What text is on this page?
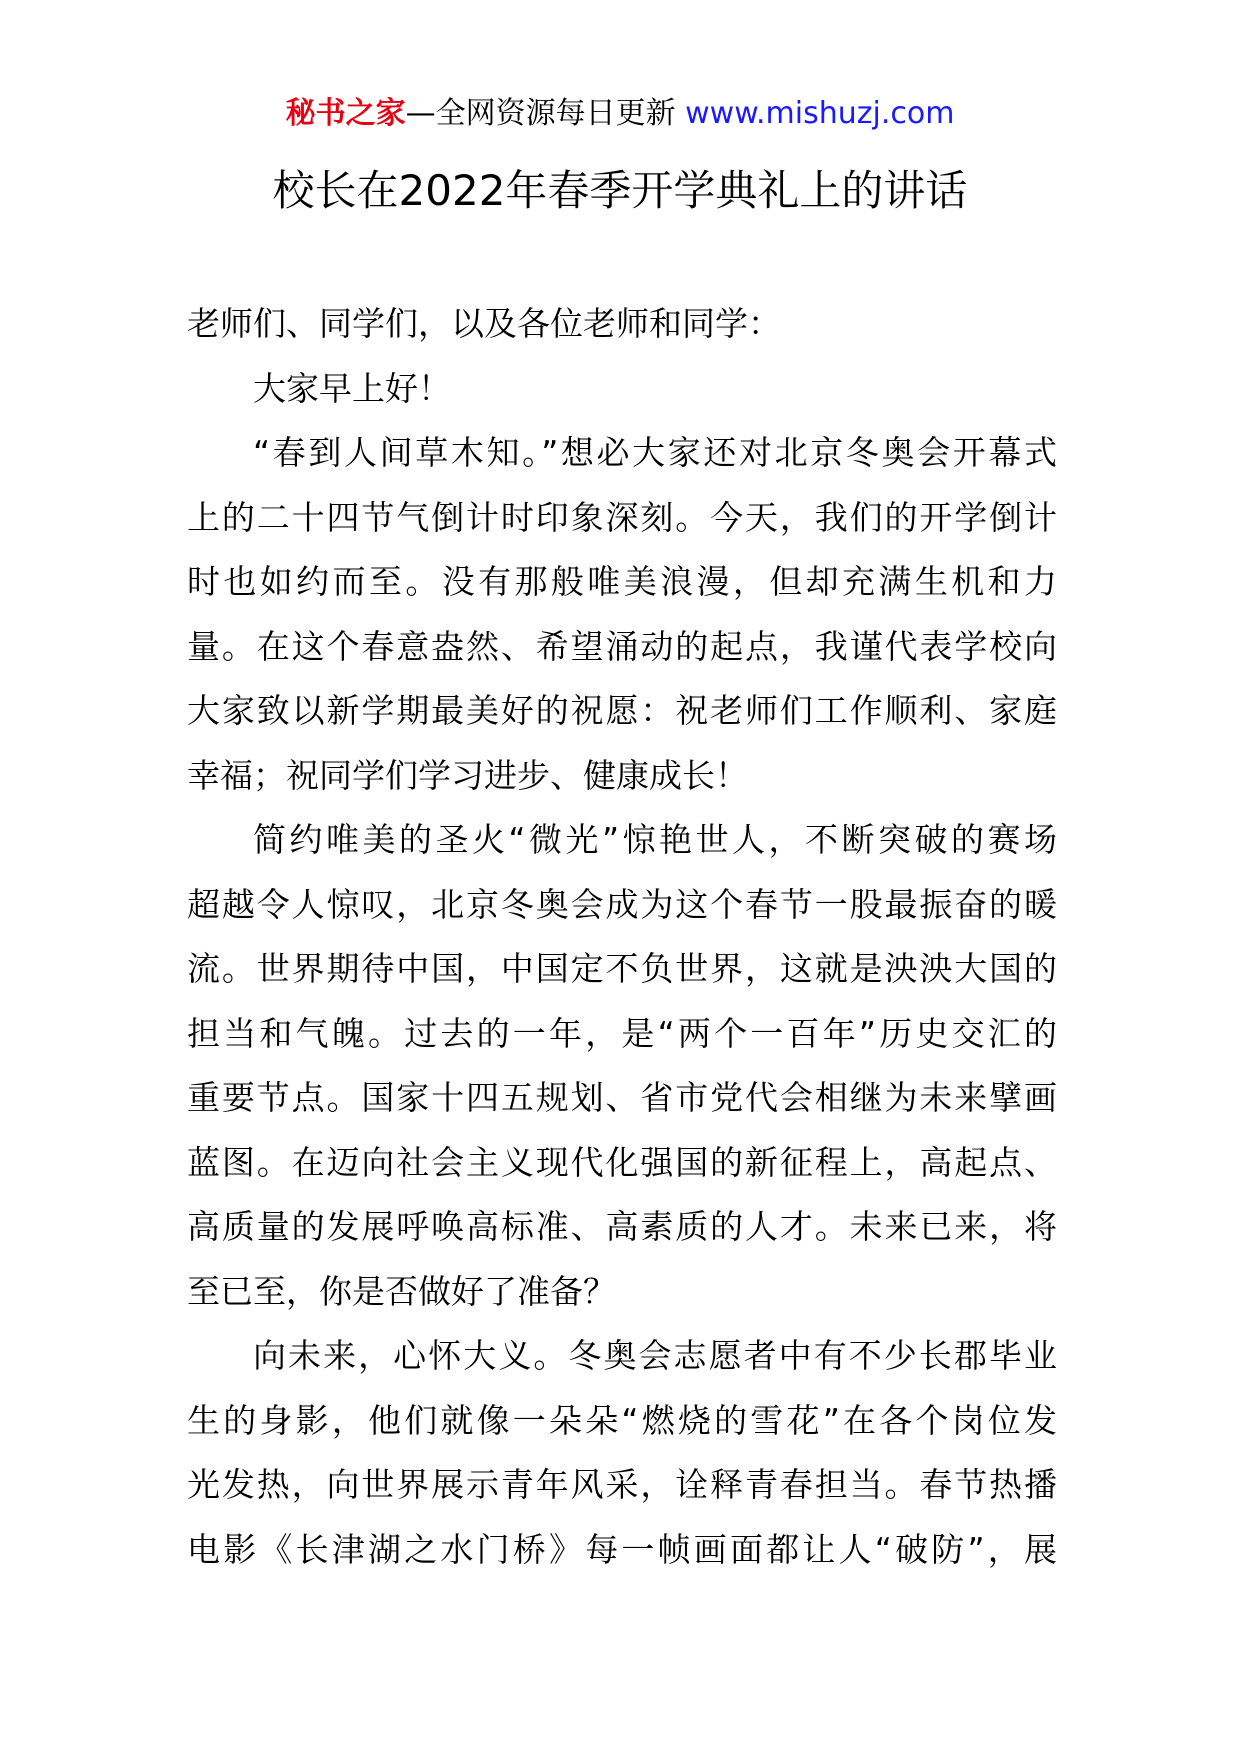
秘书之家—全网资源每日更新 www.mishuzj.com
校长在2022年春季开学典礼上的讲话
老师们、同学们，以及各位老师和同学：
大家早上好！
“春到人间草木知。”想必大家还对北京冬奥会开幕式
上的二十四节气倒计时印象深刻。今天，我们的开学倒计
时也如约而至。没有那般唯美浪漫，但却充满生机和力
量。在这个春意盎然、希望涌动的起点，我谨代表学校向
大家致以新学期最美好的祝愿：祝老师们工作顺利、家庭
幸福；祝同学们学习进步、健康成长！
简约唯美的圣火“微光”惊艳世人，不断突破的赛场
超越令人惊叹，北京冬奥会成为这个春节一股最振奋的暖
流。世界期待中国，中国定不负世界，这就是泱泱大国的
担当和气魄。过去的一年，是“两个一百年”历史交汇的
重要节点。国家十四五规划、省市党代会相继为未来擘画
蓝图。在迈向社会主义现代化强国的新征程上，高起点、
高质量的发展呼唤高标准、高素质的人才。未来已来，将
至已至，你是否做好了准备？
向未来，心怀大义。冬奥会志愿者中有不少长郡毕业
生的身影，他们就像一朵朵“燃烧的雪花”在各个岗位发
光发热，向世界展示青年风采，诠释青春担当。春节热播
电影《长津湖之水门桥》每一帧画面都让人“破防”，展
